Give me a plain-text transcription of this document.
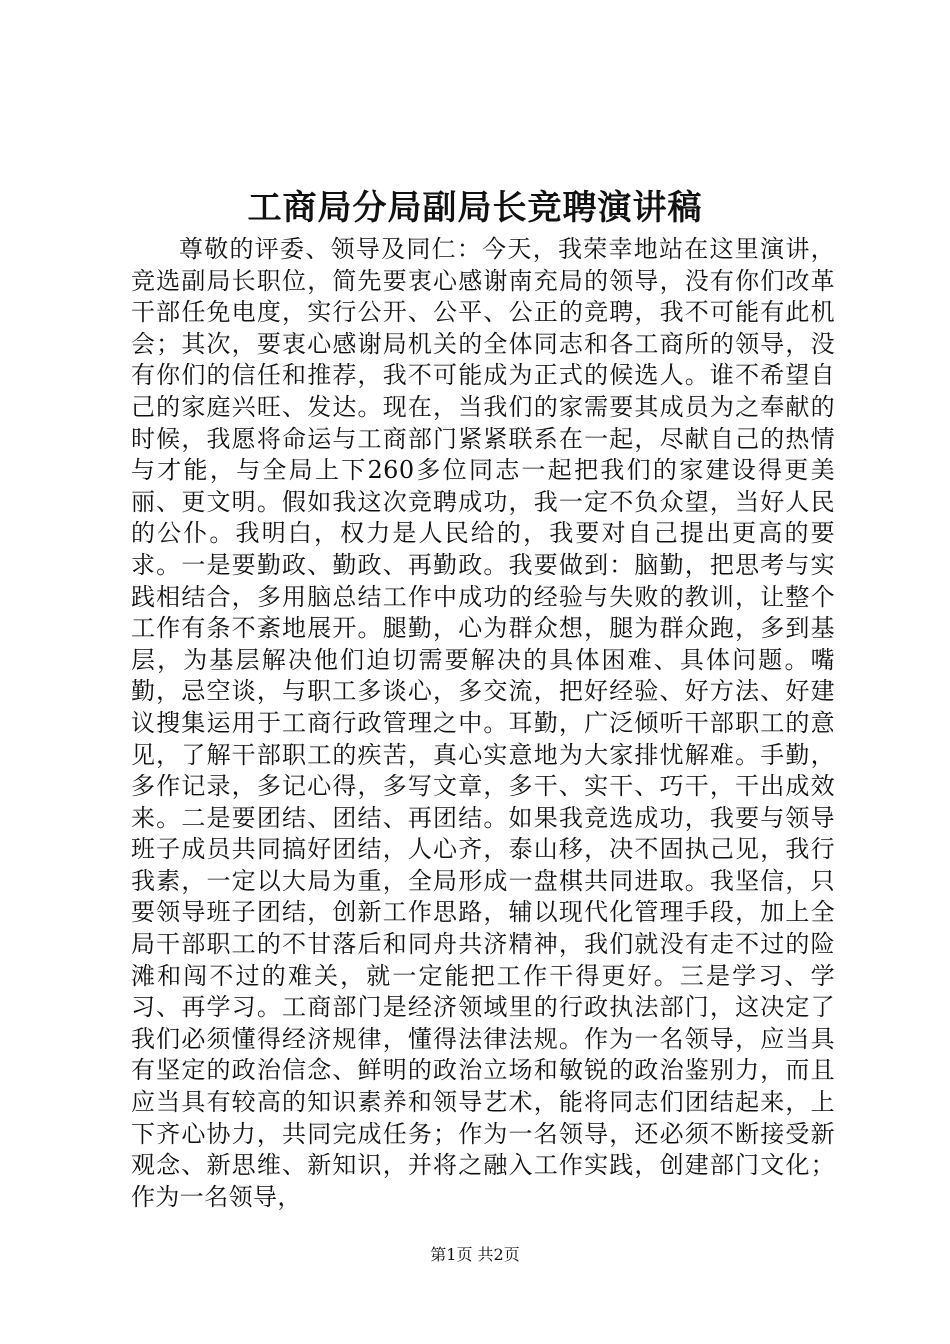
工商局分局副局长竞聘演讲稿

尊敬的评委、领导及同仁：今天，我荣幸地站在这里演讲，竞选副局长职位，简先要衷心感谢南充局的领导，没有你们改革干部任免电度，实行公开、公平、公正的竞聘，我不可能有此机会；其次，要衷心感谢局机关的全体同志和各工商所的领导，没有你们的信任和推荐，我不可能成为正式的候选人。谁不希望自己的家庭兴旺、发达。现在，当我们的家需要其成员为之奉献的时候，我愿将命运与工商部门紧紧联系在一起，尽献自己的热情与才能，与全局上下260多位同志一起把我们的家建设得更美丽、更文明。假如我这次竞聘成功，我一定不负众望，当好人民的公仆。我明白，权力是人民给的，我要对自己提出更高的要求。一是要勤政、勤政、再勤政。我要做到：脑勤，把思考与实践相结合，多用脑总结工作中成功的经验与失败的教训，让整个工作有条不紊地展开。腿勤，心为群众想，腿为群众跑，多到基层，为基层解决他们迫切需要解决的具体困难、具体问题。嘴勤，忌空谈，与职工多谈心，多交流，把好经验、好方法、好建议搜集运用于工商行政管理之中。耳勤，广泛倾听干部职工的意见，了解干部职工的疾苦，真心实意地为大家排忧解难。手勤，多作记录，多记心得，多写文章，多干、实干、巧干，干出成效来。二是要团结、团结、再团结。如果我竞选成功，我要与领导班子成员共同搞好团结，人心齐，泰山移，决不固执己见，我行我素，一定以大局为重，全局形成一盘棋共同进取。我坚信，只要领导班子团结，创新工作思路，辅以现代化管理手段，加上全局干部职工的不甘落后和同舟共济精神，我们就没有走不过的险滩和闯不过的难关，就一定能把工作干得更好。三是学习、学习、再学习。工商部门是经济领域里的行政执法部门，这决定了我们必须懂得经济规律，懂得法律法规。作为一名领导，应当具有坚定的政治信念、鲜明的政治立场和敏锐的政治鉴别力，而且应当具有较高的知识素养和领导艺术，能将同志们团结起来，上下齐心协力，共同完成任务；作为一名领导，还必须不断接受新观念、新思维、新知识，并将之融入工作实践，创建部门文化；作为一名领导，

第1页 共2页
